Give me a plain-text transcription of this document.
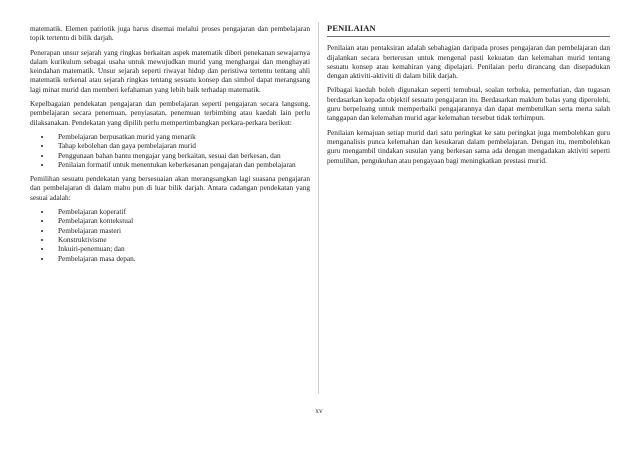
matematik. Elemen patriotik juga harus disemai melalui proses pengajaran dan pembelajaran topik tertentu di bilik darjah.

Penerapan unsur sejarah yang ringkas berkaitan aspek matematik diberi penekanan sewajarnya dalam kurikulum sebagai usaha untuk mewujudkan murid yang menghargai dan menghayati keindahan matematik. Unsur sejarah seperti riwayat hidup dan peristiwa tertentu tentang ahli matematik terkenal atau sejarah ringkas tentang sesuatu konsep dan simbol dapat merangsang lagi minat murid dan memberi kefahaman yang lebih baik terhadap matematik.

Kepelbagaian pendekatan pengajaran dan pembelajaran seperti pengajaran secara langsung, pembelajaran secara penemuan, penyiasatan, penemuan terbimbing atau kaedah lain perlu dilaksanakan. Pendekatan yang dipilih perlu mempertimbangkan perkara-perkara berikut:

• Pembelajaran berpusatkan murid yang menarik
• Tahap kebolehan dan gaya pembelajaran murid
• Penggunaan bahan bantu mengajar yang berkaitan, sesuai dan berkesan, dan
• Penilaian formatif untuk menentukan keberkesanan pengajaran dan pembelajaran

Pemilihan sesuatu pendekatan yang bersesuaian akan merangsangkan lagi suasana pengajaran dan pembelajaran di dalam mahu pun di luar bilik darjah. Antara cadangan pendekatan yang sesuai adalah:

• Pembelajaran koperatif
• Pembelajaran kontekstual
• Pembelajaran masteri
• Konstruktivisme
• Inkuiri-penemuan; dan
• Pembelajaran masa depan.
PENILAIAN

Penilaian atau pentaksiran adalah sebahagian daripada proses pengajaran dan pembelajaran dan dijalankan secara berterusan untuk mengenal pasti kekuatan dan kelemahan murid tentang sesuatu konsep atau kemahiran yang dipelajari. Penilaian perlu dirancang dan disepadukan dengan aktiviti-aktiviti di dalam bilik darjah.

Pelbagai kaedah boleh digunakan seperti temubual, soalan terbuka, pemerhatian, dan tugasan berdasarkan kepada objektif sesuatu pengajaran itu. Berdasarkan maklum balas yang diperolehi, guru berpeluang untuk memperbaiki pengajarannya dan dapat membetulkan serta merta salah tanggapan dan kelemahan murid agar kelemahan tersebut tidak terhimpun.

Penilaian kemajuan setiap murid dari satu peringkat ke satu peringkat juga membolehkan guru menganalisis punca kelemahan dan kesukaran dalam pembelajaran. Dengan itu, membolehkan guru mengambil tindakan susulan yang berkesan sama ada dengan mengadakan aktiviti seperti pemulihan, pengukuhan atau pengayaan bagi meningkatkan prestasi murid.

xv
